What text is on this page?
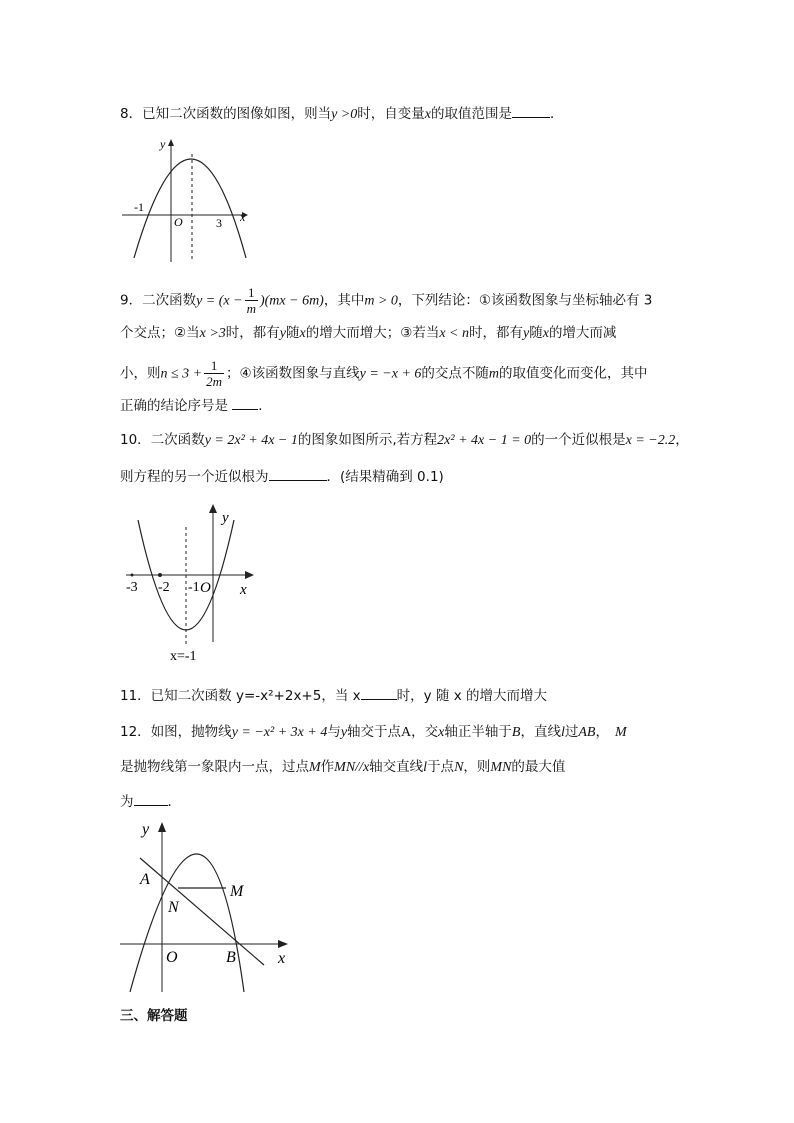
8．已知二次函数的图像如图，则当y >0时，自变量x的取值范围是	．
y
x
O
-1
3
9．二次函数$y = (x - \frac{1}{m} )(mx - 6m)$，其中m > 0，下列结论：①该函数图象与坐标轴必有 3
个交点；②当x >3时，都有y随x的增大而增大；③若当x < n时，都有y随x的增大而减
小，则$n \le 3 + \frac{1}{2m}$ ；④该函数图象与直线y = −x + 6的交点不随m的取值变化而变化，其中
正确的结论序号是 ．
10．二次函数y = 2x² + 4x − 1的图象如图所示,若方程2x² + 4x − 1 = 0的一个近似根是x = −2.2，
则方程的另一个近似根为	．(结果精确到 0.1)
y
x
O
-3 -2 -1
x=-1
11．已知二次函数 y=-x²+2x+5，当 x	时，y 随 x 的增大而增大
12．如图，抛物线y = −x² + 3x + 4与y轴交于点A，交x轴正半轴于B，直线l过AB， M
是抛物线第一象限内一点，过点M作MN//x轴交直线l于点N，则MN的最大值
为	．
y
x
O
A
B
M
N
三、解答题
